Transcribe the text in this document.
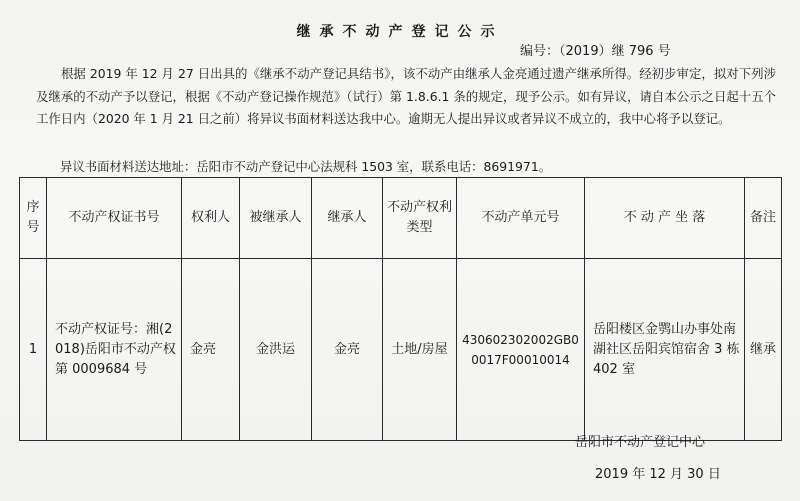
继承不动产登记公示
编号：（2019）继 796 号

根据 2019 年 12 月 27 日出具的《继承不动产登记具结书》，该不动产由继承人金亮通过遗产继承所得。经初步审定，拟对下列涉及继承的不动产予以登记，根据《不动产登记操作规范》（试行）第 1.8.6.1 条的规定，现予公示。如有异议，请自本公示之日起十五个工作日内（2020 年 1 月 21 日之前）将异议书面材料送达我中心。逾期无人提出异议或者异议不成立的，我中心将予以登记。

异议书面材料送达地址：岳阳市不动产登记中心法规科 1503 室，联系电话：8691971。
序号	不动产权证书号	权利人	被继承人	继承人	不动产权利类型	不动产单元号	不 动 产 坐 落	备注
1	不动产权证号：湘(2018)岳阳市不动产权第 0009684 号	金亮	金洪运	金亮	土地/房屋	430602302002GB00017F00010014	岳阳楼区金鹗山办事处南湖社区岳阳宾馆宿舍 3 栋 402 室	继承
岳阳市不动产登记中心
2019 年 12 月 30 日
